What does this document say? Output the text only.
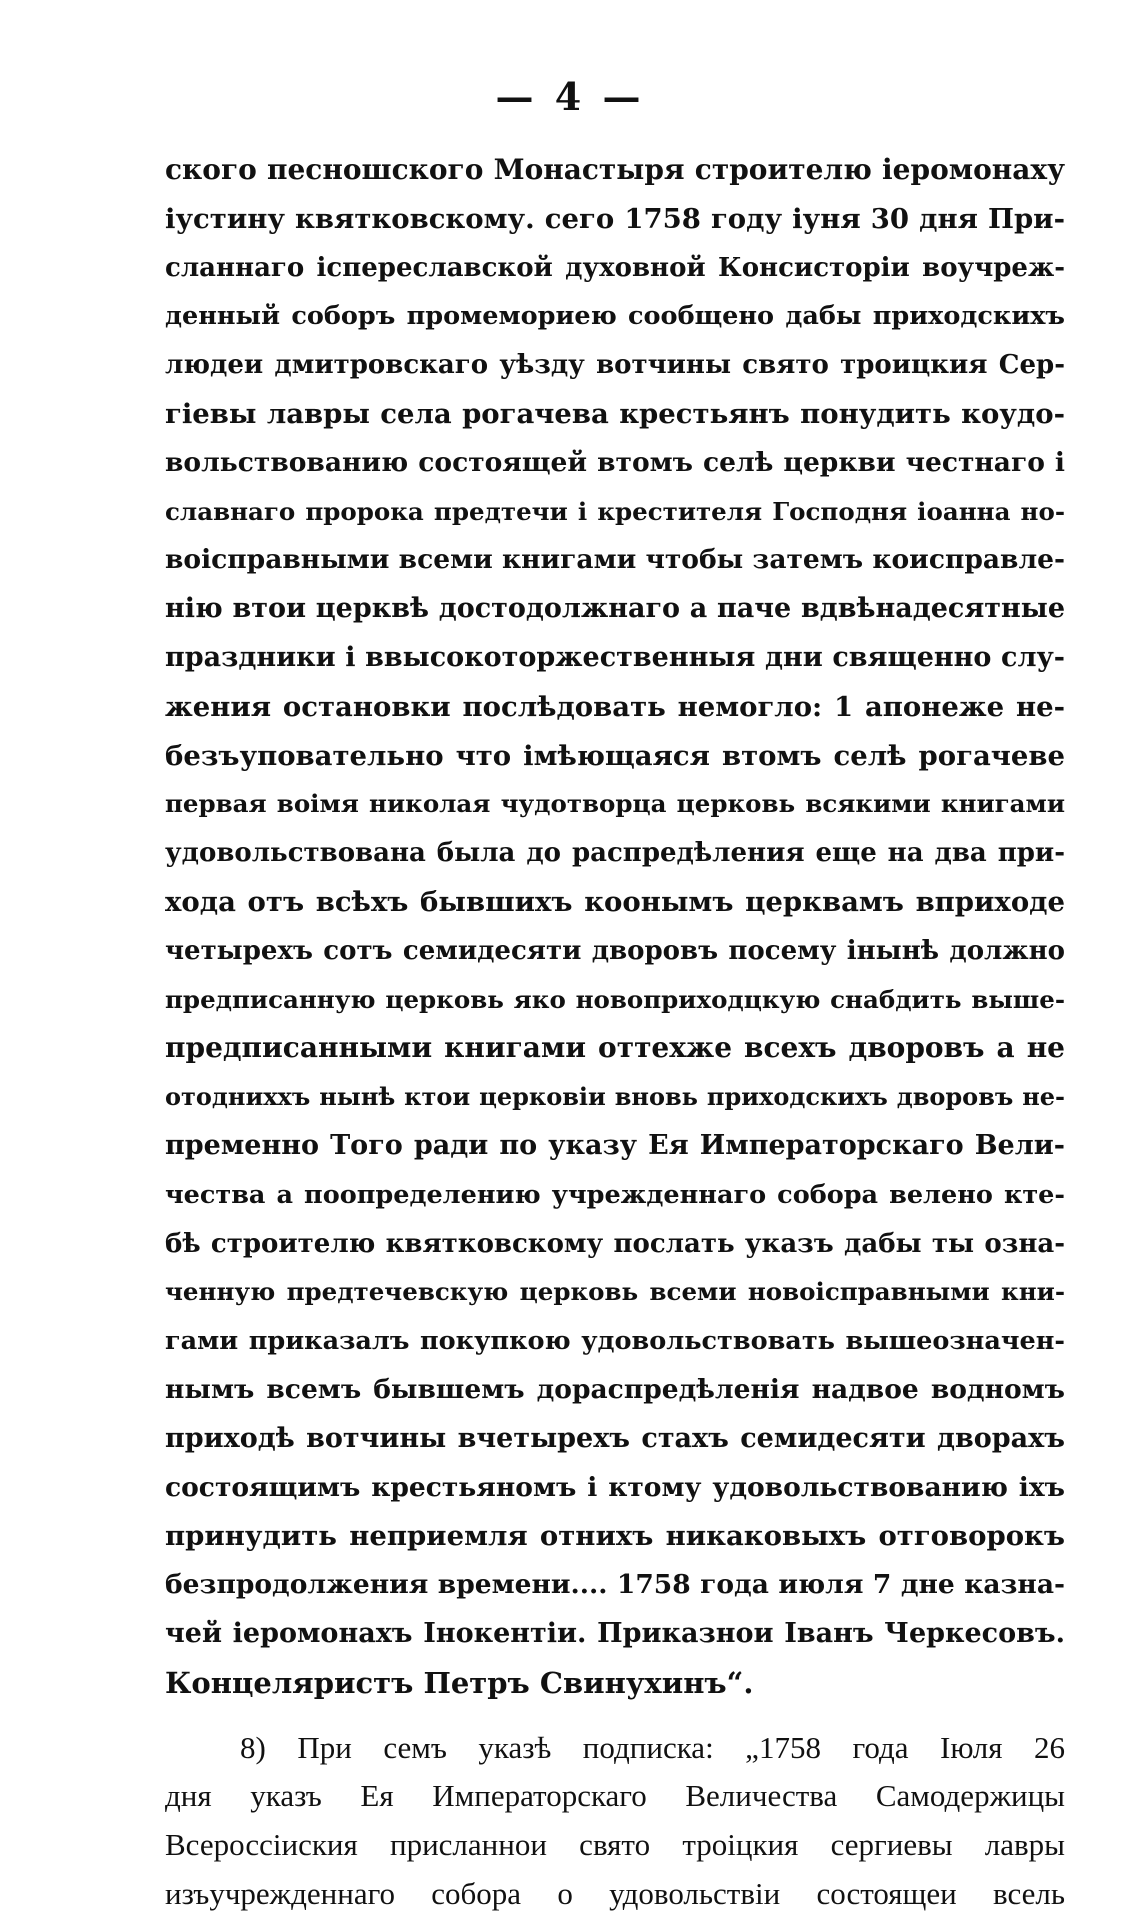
— 4 —
ского песношского Монастыря строителю iеромонаху
iустину квятковскому. сего 1758 году iуня 30 дня При-
сланнаго iспереславской духовной Консисторiи воучреж-
денный соборъ промемориею сообщено дабы приходскихъ
людеи дмитровскаго уѣзду вотчины свято троицкия Сер-
гiевы лавры села рогачева крестьянъ понудить коудо-
вольствованию состоящей втомъ селѣ церкви честнаго i
славнаго пророка предтечи i крестителя Господня iоанна но-
воiсправными всеми книгами чтобы затемъ коисправле-
нiю втои церквѣ достодолжнаго а паче вдвѣнадесятные
праздники i ввысокоторжественныя дни священно слу-
жения остановки послѣдовать немогло: 1 апонеже не-
безъуповательно что iмѣющаяся втомъ селѣ рогачеве
первая воiмя николая чудотворца церковь всякими книгами
удовольствована была до распредѣления еще на два при-
хода отъ всѣхъ бывшихъ коонымъ церквамъ вприходе
четырехъ сотъ семидесяти дворовъ посему iнынѣ должно
предписанную церковь яко новоприходцкую снабдить выше-
предписанными книгами оттехже всехъ дворовъ а не
отодниххъ нынѣ ктои церковiи вновь приходскихъ дворовъ не-
пременно Того ради по указу Ея Императорскаго Вели-
чества а поопределению учрежденнаго собора велено кте-
бѣ строителю квятковскому послать указъ дабы ты озна-
ченную предтечевскую церковь всеми новоiсправными кни-
гами приказалъ покупкою удовольствовать вышеозначен-
нымъ всемъ бывшемъ дораспредѣленiя надвое водномъ
приходѣ вотчины вчетырехъ стахъ семидесяти дворахъ
состоящимъ крестьяномъ i ктому удовольствованию iхъ
принудить неприемля отнихъ никаковыхъ отговорокъ
безпродолжения времени.... 1758 года июля 7 дне казна-
чей iеромонахъ Iнокентiи. Приказнои Iванъ Черкесовъ.
Концеляристъ Петръ Свинухинъ“.
8) При семъ указѣ подписка: „1758 года Iюля 26
дня указъ Ея Императорскаго Величества Самодержицы
Всероссiиския присланнои свято троiцкия сергиевы лавры
изъучрежденнаго собора о удовольствiи состоящеи всель
